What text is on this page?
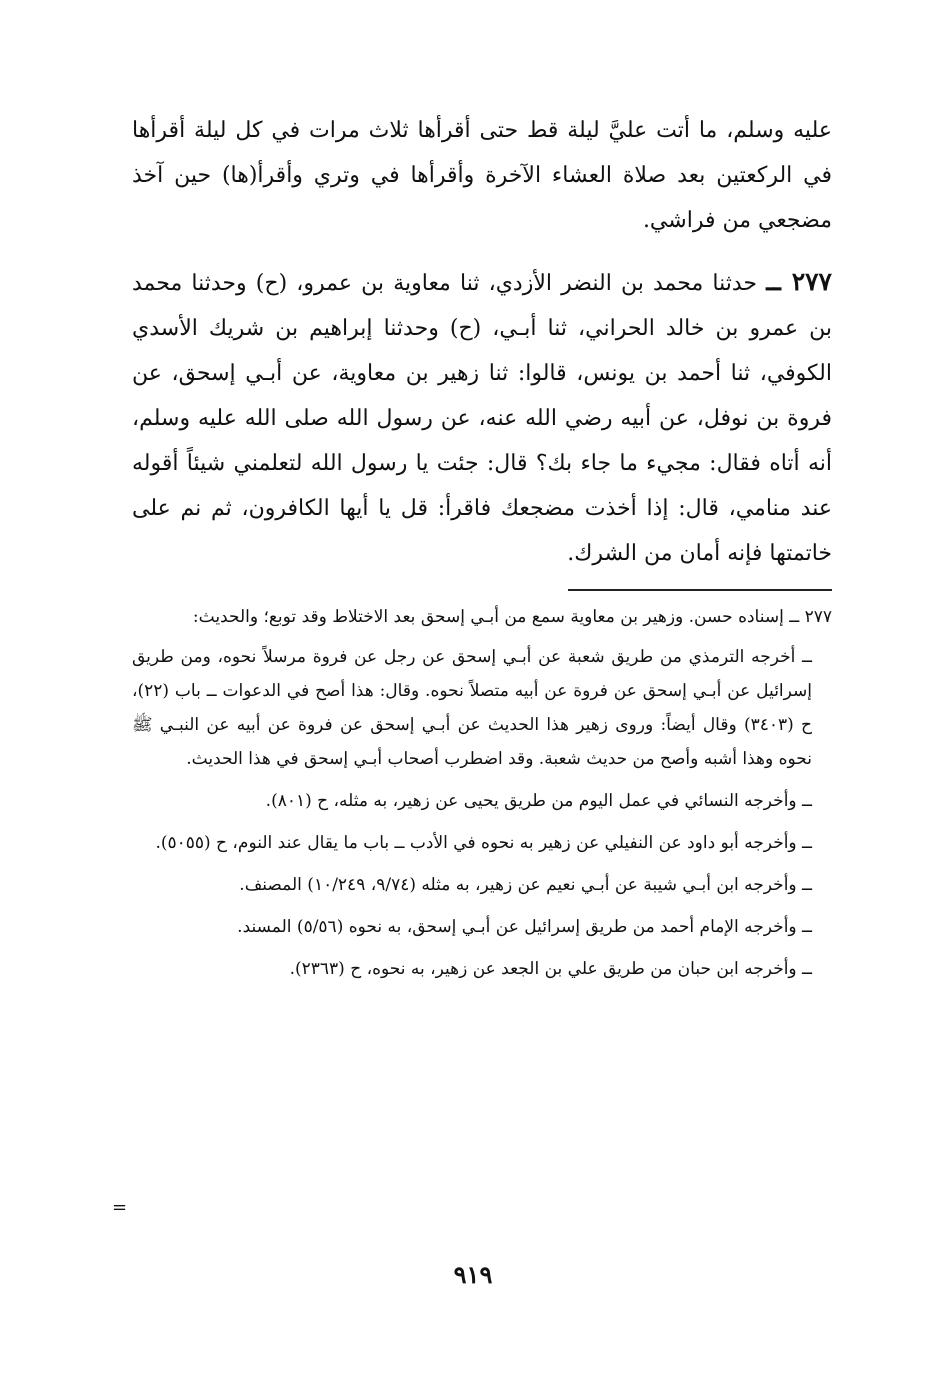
عليه وسلم، ما أتت عليَّ ليلة قط حتى أقرأها ثلاث مرات في كل ليلة أقرأها في الركعتين بعد صلاة العشاء الآخرة وأقرأها في وتري وأقرأ(ها) حين آخذ مضجعي من فراشي.

٢٧٧ ــ حدثنا محمد بن النضر الأزدي، ثنا معاوية بن عمرو، (ح) وحدثنا محمد بن عمرو بن خالد الحراني، ثنا أبـي، (ح) وحدثنا إبراهيم بن شريك الأسدي الكوفي، ثنا أحمد بن يونس، قالوا: ثنا زهير بن معاوية، عن أبـي إسحق، عن فروة بن نوفل، عن أبيه رضي الله عنه، عن رسول الله صلى الله عليه وسلم، أنه أتاه فقال: مجيء ما جاء بك؟ قال: جئت يا رسول الله لتعلمني شيئاً أقوله عند منامي، قال: إذا أخذت مضجعك فاقرأ: قل يا أيها الكافرون، ثم نم على خاتمتها فإنه أمان من الشرك.

٢٧٧ ــ إسناده حسن. وزهير بن معاوية سمع من أبـي إسحق بعد الاختلاط وقد توبع؛ والحديث:

ــ أخرجه الترمذي من طريق شعبة عن أبـي إسحق عن رجل عن فروة مرسلاً نحوه، ومن طريق إسرائيل عن أبـي إسحق عن فروة عن أبيه متصلاً نحوه. وقال: هذا أصح في الدعوات ــ باب (٢٢)، ح (٣٤٠٣) وقال أيضاً: وروى زهير هذا الحديث عن أبـي إسحق عن فروة عن أبيه عن النبـي ﷺ نحوه وهذا أشبه وأصح من حديث شعبة. وقد اضطرب أصحاب أبـي إسحق في هذا الحديث.

ــ وأخرجه النسائي في عمل اليوم من طريق يحيى عن زهير، به مثله، ح (٨٠١).

ــ وأخرجه أبو داود عن النفيلي عن زهير به نحوه في الأدب ــ باب ما يقال عند النوم، ح (٥٠٥٥).

ــ وأخرجه ابن أبـي شيبة عن أبـي نعيم عن زهير، به مثله (٩/٧٤، ١٠/٢٤٩) المصنف.

ــ وأخرجه الإمام أحمد من طريق إسرائيل عن أبـي إسحق، به نحوه (٥/٥٦) المسند.

ــ وأخرجه ابن حبان من طريق علي بن الجعد عن زهير، به نحوه، ح (٢٣٦٣).

=
٩١٩
